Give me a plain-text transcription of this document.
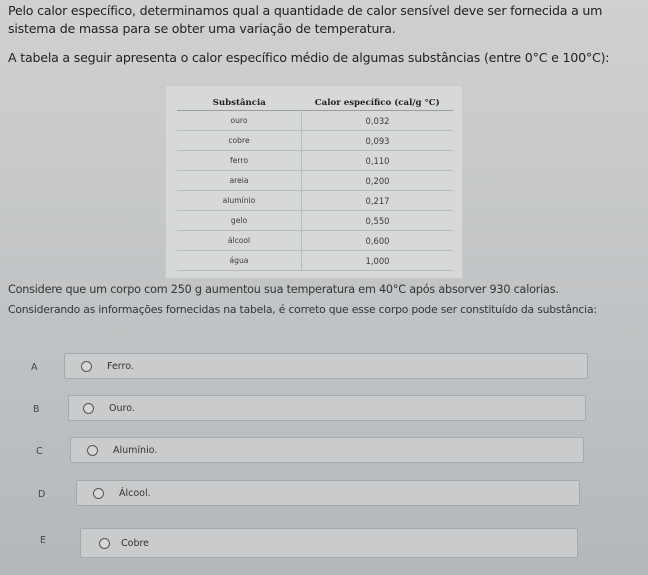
Pelo calor específico, determinamos qual a quantidade de calor sensível deve ser fornecida a um sistema de massa para se obter uma variação de temperatura.
A tabela a seguir apresenta o calor específico médio de algumas substâncias (entre 0°C e 100°C):
Substância	Calor específico (cal/g °C)
ouro	0,032
cobre	0,093
ferro	0,110
areia	0,200
alumínio	0,217
gelo	0,550
álcool	0,600
água	1,000
Considere que um corpo com 250 g aumentou sua temperatura em 40°C após absorver 930 calorias.
Considerando as informações fornecidas na tabela, é correto que esse corpo pode ser constituído da substância:
A	Ferro.
B	Ouro.
C	Alumínio.
D	Álcool.
E	Cobre
